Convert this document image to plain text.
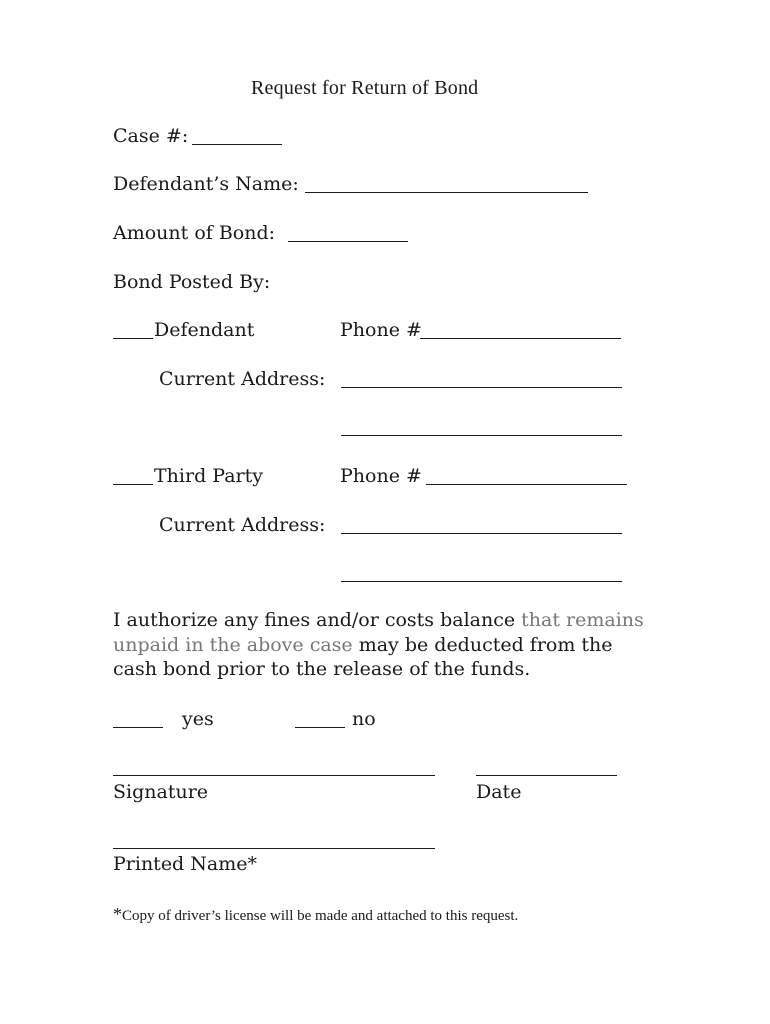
Request for Return of Bond
Case #:
Defendant’s Name:
Amount of Bond:
Bond Posted By:
Defendant	Phone #
Current Address:
Third Party	Phone #
Current Address:
I authorize any fines and/or costs balance that remains unpaid in the above case may be deducted from the cash bond prior to the release of the funds.
yes	no
Signature	Date
Printed Name*
*Copy of driver’s license will be made and attached to this request.
